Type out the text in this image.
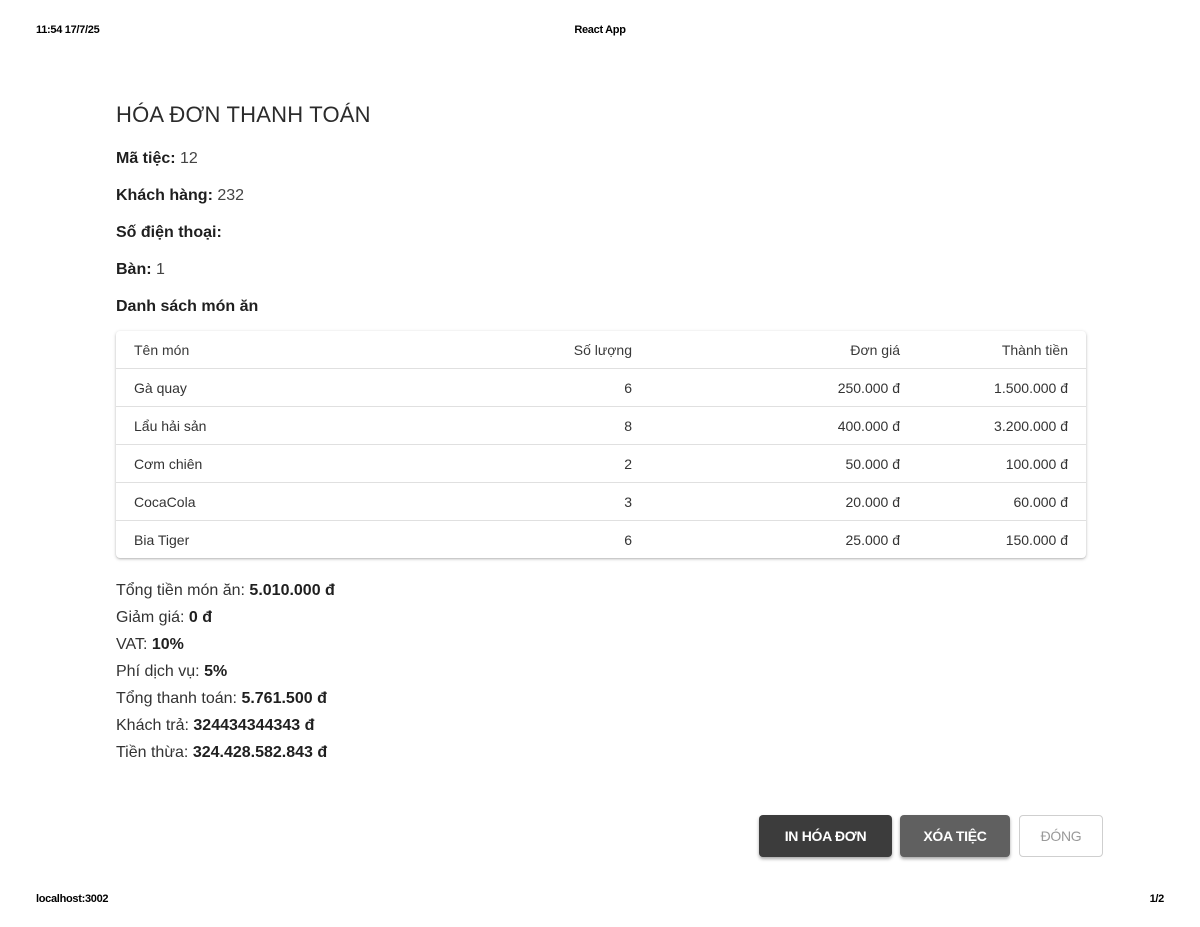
11:54 17/7/25	React App
HÓA ĐƠN THANH TOÁN
Mã tiệc: 12
Khách hàng: 232
Số điện thoại:
Bàn: 1
Danh sách món ăn
Tên món	Số lượng	Đơn giá	Thành tiền
Gà quay	6	250.000 đ	1.500.000 đ
Lẩu hải sản	8	400.000 đ	3.200.000 đ
Cơm chiên	2	50.000 đ	100.000 đ
CocaCola	3	20.000 đ	60.000 đ
Bia Tiger	6	25.000 đ	150.000 đ
Tổng tiền món ăn: 5.010.000 đ
Giảm giá: 0 đ
VAT: 10%
Phí dịch vụ: 5%
Tổng thanh toán: 5.761.500 đ
Khách trả: 324434344343 đ
Tiền thừa: 324.428.582.843 đ
IN HÓA ĐƠN	XÓA TIỆC	ĐÓNG
localhost:3002	1/2
